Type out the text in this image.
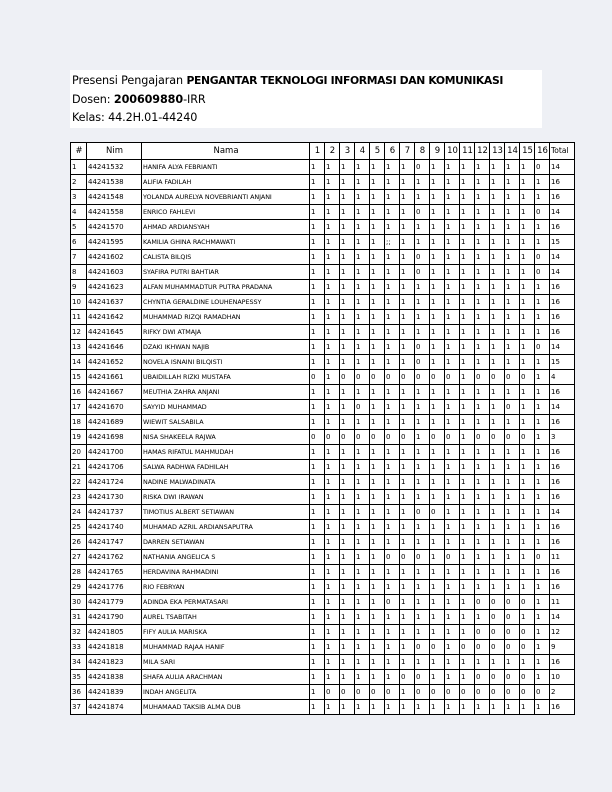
Presensi Pengajaran PENGANTAR TEKNOLOGI INFORMASI DAN KOMUNIKASI
Dosen: 200609880-IRR
Kelas: 44.2H.01-44240
#	Nim	Nama	1	2	3	4	5	6	7	8	9	10	11	12	13	14	15	16	Total
1	44241532	HANIFA ALYA FEBRIANTI	1	1	1	1	1	1	1	0	1	1	1	1	1	1	1	0	14
2	44241538	ALIFIA FADILAH	1	1	1	1	1	1	1	1	1	1	1	1	1	1	1	1	16
3	44241548	YOLANDA AURELYA NOVEBRIANTI ANJANI	1	1	1	1	1	1	1	1	1	1	1	1	1	1	1	1	16
4	44241558	ENRICO FAHLEVI	1	1	1	1	1	1	1	0	1	1	1	1	1	1	1	0	14
5	44241570	AHMAD ARDIANSYAH	1	1	1	1	1	1	1	1	1	1	1	1	1	1	1	1	16
6	44241595	KAMILIA GHINA RACHMAWATI	1	1	1	1	1	;;	1	1	1	1	1	1	1	1	1	1	15
7	44241602	CALISTA BILQIS	1	1	1	1	1	1	1	0	1	1	1	1	1	1	1	0	14
8	44241603	SYAFIRA PUTRI BAHTIAR	1	1	1	1	1	1	1	0	1	1	1	1	1	1	1	0	14
9	44241623	ALFAN MUHAMMADTUR PUTRA PRADANA	1	1	1	1	1	1	1	1	1	1	1	1	1	1	1	1	16
10	44241637	CHYNTIA GERALDINE LOUHENAPESSY	1	1	1	1	1	1	1	1	1	1	1	1	1	1	1	1	16
11	44241642	MUHAMMAD RIZQI RAMADHAN	1	1	1	1	1	1	1	1	1	1	1	1	1	1	1	1	16
12	44241645	RIFKY DWI ATMAJA	1	1	1	1	1	1	1	1	1	1	1	1	1	1	1	1	16
13	44241646	DZAKI IKHWAN NAJIB	1	1	1	1	1	1	1	0	1	1	1	1	1	1	1	0	14
14	44241652	NOVELA ISNAINI BILQISTI	1	1	1	1	1	1	1	0	1	1	1	1	1	1	1	1	15
15	44241661	UBAIDILLAH RIZKI MUSTAFA	0	1	0	0	0	0	0	0	0	0	1	0	0	0	0	1	4
16	44241667	MEUTHIA ZAHRA ANJANI	1	1	1	1	1	1	1	1	1	1	1	1	1	1	1	1	16
17	44241670	SAYYID MUHAMMAD	1	1	1	0	1	1	1	1	1	1	1	1	1	0	1	1	14
18	44241689	WIEWIT SALSABILA	1	1	1	1	1	1	1	1	1	1	1	1	1	1	1	1	16
19	44241698	NISA SHAKEELA RAJWA	0	0	0	0	0	0	0	1	0	0	1	0	0	0	0	1	3
20	44241700	HAMAS RIFATUL MAHMUDAH	1	1	1	1	1	1	1	1	1	1	1	1	1	1	1	1	16
21	44241706	SALWA RADHWA FADHILAH	1	1	1	1	1	1	1	1	1	1	1	1	1	1	1	1	16
22	44241724	NADINE MALWADINATA	1	1	1	1	1	1	1	1	1	1	1	1	1	1	1	1	16
23	44241730	RISKA DWI IRAWAN	1	1	1	1	1	1	1	1	1	1	1	1	1	1	1	1	16
24	44241737	TIMOTIUS ALBERT SETIAWAN	1	1	1	1	1	1	1	0	0	1	1	1	1	1	1	1	14
25	44241740	MUHAMAD AZRIL ARDIANSAPUTRA	1	1	1	1	1	1	1	1	1	1	1	1	1	1	1	1	16
26	44241747	DARREN SETIAWAN	1	1	1	1	1	1	1	1	1	1	1	1	1	1	1	1	16
27	44241762	NATHANIA ANGELICA S	1	1	1	1	1	0	0	0	1	0	1	1	1	1	1	0	11
28	44241765	HERDAVINA RAHMADINI	1	1	1	1	1	1	1	1	1	1	1	1	1	1	1	1	16
29	44241776	RIO FEBRYAN	1	1	1	1	1	1	1	1	1	1	1	1	1	1	1	1	16
30	44241779	ADINDA EKA PERMATASARI	1	1	1	1	1	0	1	1	1	1	1	0	0	0	0	1	11
31	44241790	AUREL TSABITAH	1	1	1	1	1	1	1	1	1	1	1	1	0	0	1	1	14
32	44241805	FIFY AULIA MARISKA	1	1	1	1	1	1	1	1	1	1	1	0	0	0	0	1	12
33	44241818	MUHAMMAD RAJAA HANIF	1	1	1	1	1	1	1	0	0	1	0	0	0	0	0	1	9
34	44241823	MILA SARI	1	1	1	1	1	1	1	1	1	1	1	1	1	1	1	1	16
35	44241838	SHAFA AULIA ARACHMAN	1	1	1	1	1	1	0	0	1	1	1	0	0	0	0	1	10
36	44241839	INDAH ANGELITA	1	0	0	0	0	0	1	0	0	0	0	0	0	0	0	0	2
37	44241874	MUHAMAAD TAKSIB ALMA DUB	1	1	1	1	1	1	1	1	1	1	1	1	1	1	1	1	16
